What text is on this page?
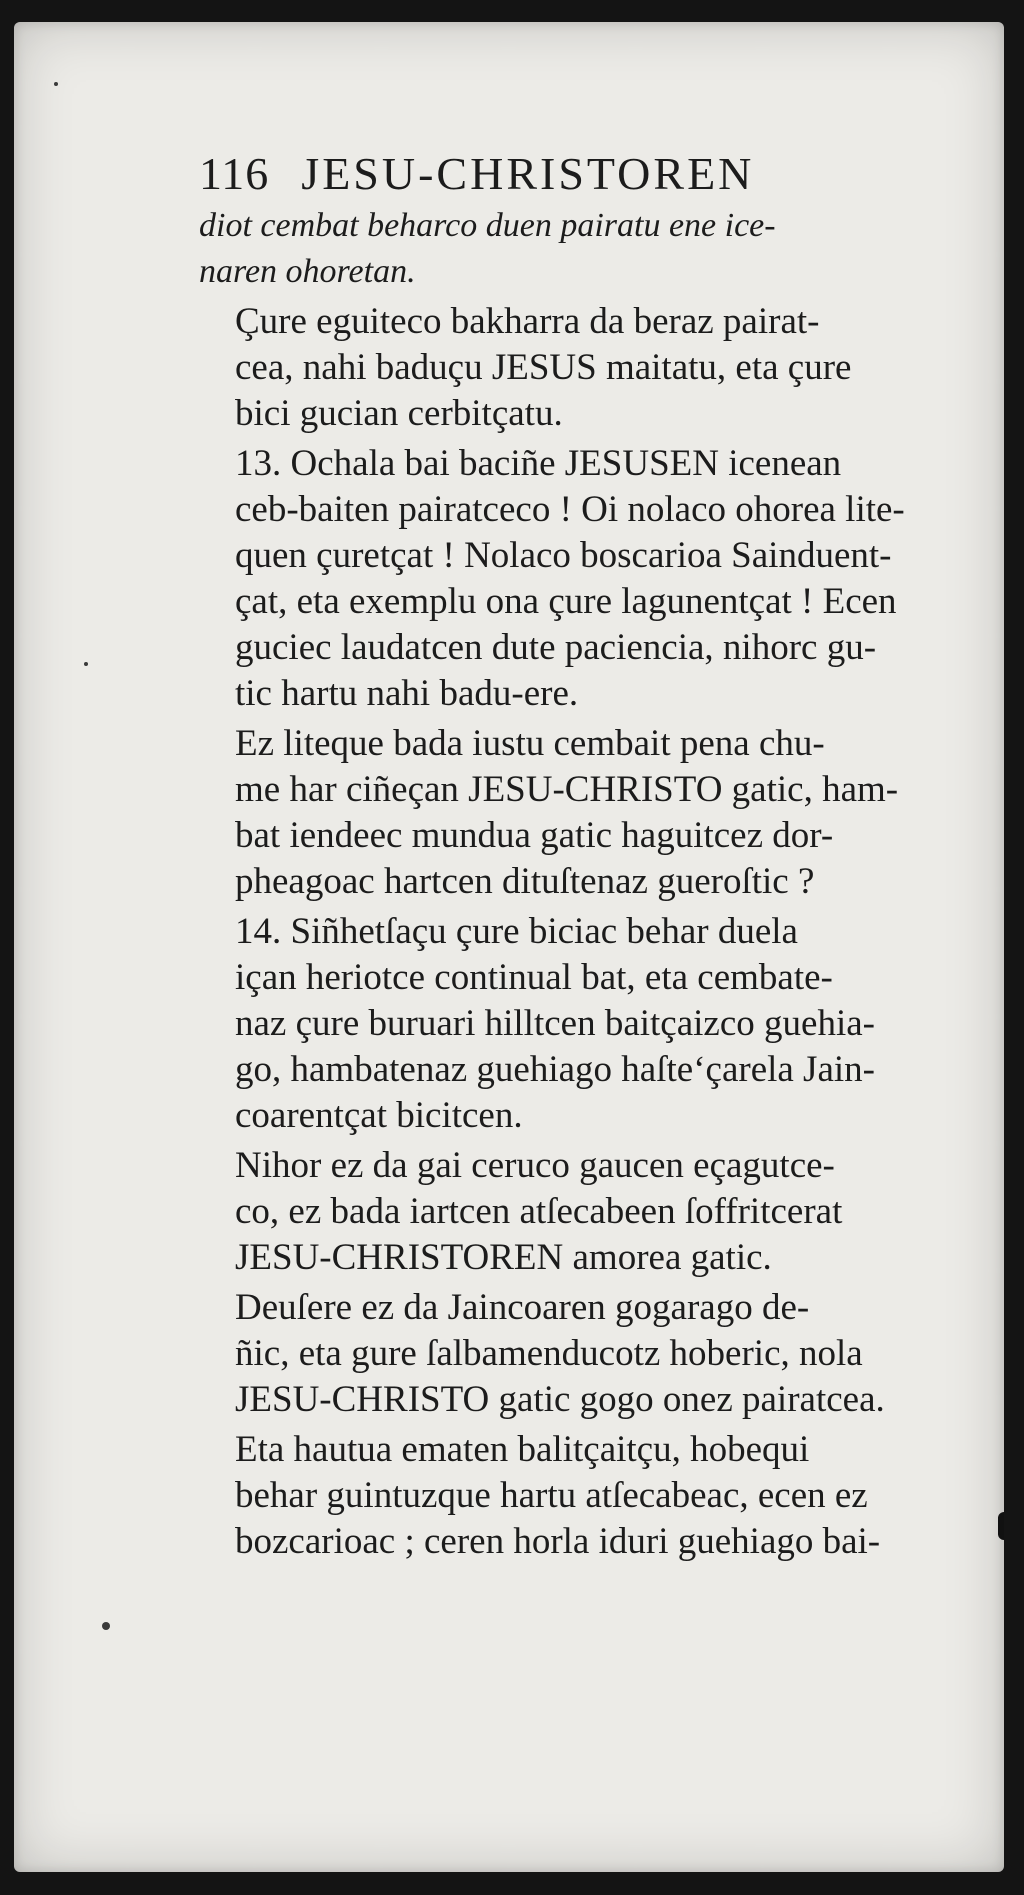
116 JESU-CHRISTOREN

diot cembat beharco duen pairatu ene ice-
naren ohoretan.

Çure eguiteco bakharra da beraz pairat-
cea, nahi baduçu JESUS maitatu, eta çure
bici gucian cerbitçatu.

13. Ochala bai baciñe JESUSEN icenean
ceb-baiten pairatceco ! Oi nolaco ohorea lite-
quen çuretçat ! Nolaco boscarioa Sainduent-
çat, eta exemplu ona çure lagunentçat ! Ecen
guciec laudatcen dute paciencia, nihorc gu-
tic hartu nahi badu-ere.

Ez liteque bada iustu cembait pena chu-
me har ciñeçan JESU-CHRISTO gatic, ham-
bat iendeec mundua gatic haguitcez dor-
pheagoac hartcen dituſtenaz gueroſtic ?

14. Siñhetſaçu çure biciac behar duela
içan heriotce continual bat, eta cembate-
naz çure buruari hilltcen baitçaizco guehia-
go, hambatenaz guehiago haſteʻçarela Jain-
coarentçat bicitcen.

Nihor ez da gai ceruco gaucen eçagutce-
co, ez bada iartcen atſecabeen ſoffritcerat
JESU-CHRISTOREN amorea gatic.

Deuſere ez da Jaincoaren gogarago de-
ñic, eta gure ſalbamenducotz hoberic, nola
JESU-CHRISTO gatic gogo onez pairatcea.

Eta hautua ematen balitçaitçu, hobequi
behar guintuzque hartu atſecabeac, ecen ez
bozcarioac ; ceren horla iduri guehiago bai-
